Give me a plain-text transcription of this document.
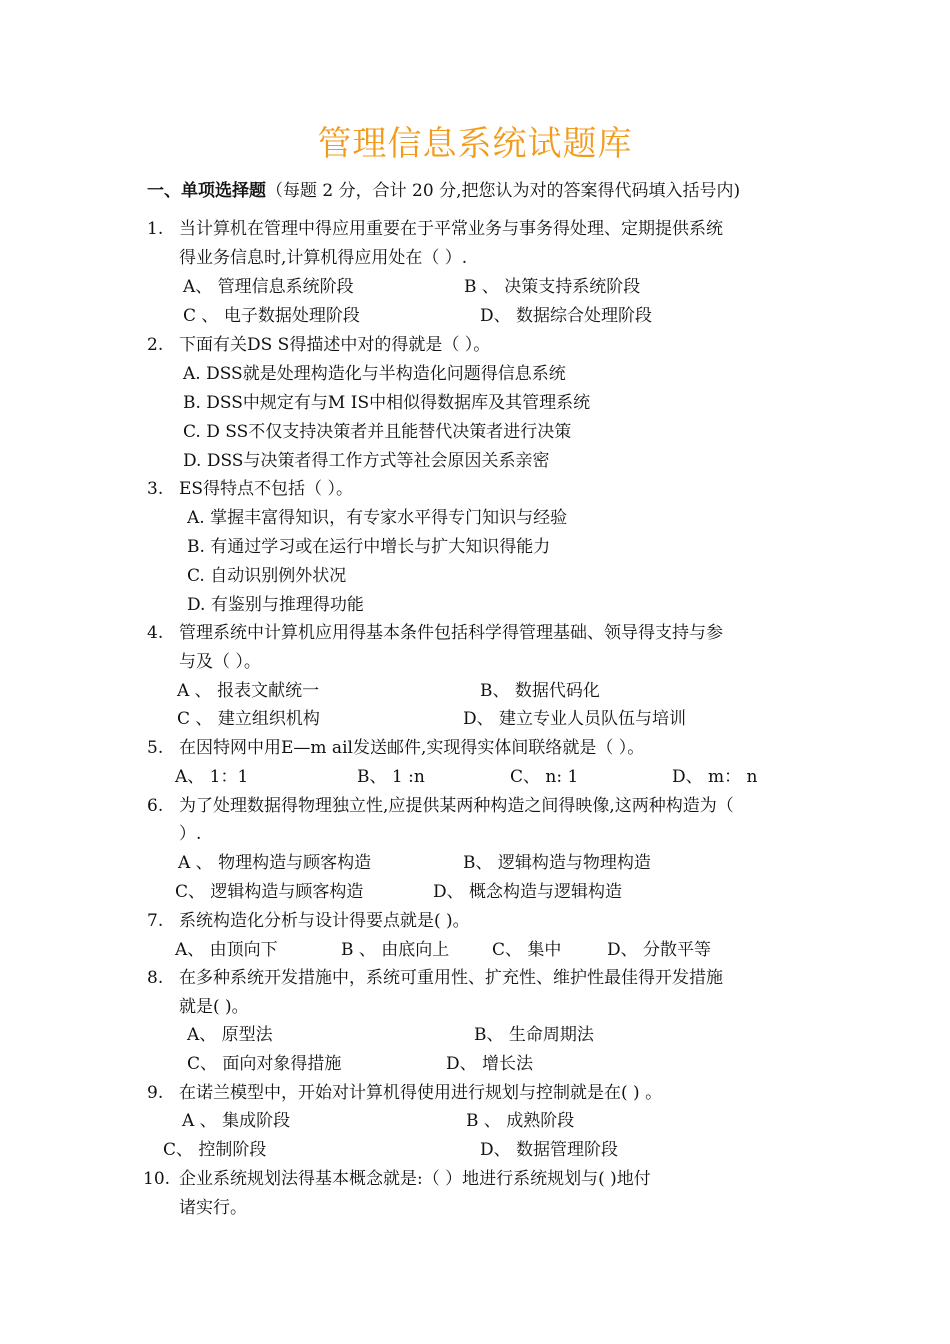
管理信息系统试题库
一、单项选择题（每题 2 分，合计 20 分,把您认为对的答案得代码填入括号内)
1. 当计算机在管理中得应用重要在于平常业务与事务得处理、定期提供系统
得业务信息时,计算机得应用处在（ ）.
A、 管理信息系统阶段	B 、 决策支持系统阶段
C 、 电子数据处理阶段	D、 数据综合处理阶段
2. 下面有关DS S得描述中对的得就是（ ）。
A. DSS就是处理构造化与半构造化问题得信息系统
B. DSS中规定有与M IS中相似得数据库及其管理系统
C. D SS不仅支持决策者并且能替代决策者进行决策
D. DSS与决策者得工作方式等社会原因关系亲密
3. ES得特点不包括（ ）。
A. 掌握丰富得知识，有专家水平得专门知识与经验
B. 有通过学习或在运行中增长与扩大知识得能力
C. 自动识别例外状况
D. 有鉴别与推理得功能
4. 管理系统中计算机应用得基本条件包括科学得管理基础、领导得支持与参
与及（ ）。
A 、 报表文献统一	B、 数据代码化
C 、 建立组织机构	D、 建立专业人员队伍与培训
5. 在因特网中用E—m ail发送邮件,实现得实体间联络就是（ ）。
A、 1：1	B、 1 :n	C、 n: 1	D、 m： n
6. 为了处理数据得物理独立性,应提供某两种构造之间得映像,这两种构造为（
）.
A 、 物理构造与顾客构造	B、 逻辑构造与物理构造
C、 逻辑构造与顾客构造	D、 概念构造与逻辑构造
7. 系统构造化分析与设计得要点就是( )。
A、 由顶向下	B 、 由底向上	C、 集中	D、 分散平等
8. 在多种系统开发措施中，系统可重用性、扩充性、维护性最佳得开发措施
就是( )。
A、 原型法	B、 生命周期法
C、 面向对象得措施	D、 增长法
9. 在诺兰模型中，开始对计算机得使用进行规划与控制就是在( ) 。
A 、 集成阶段	B 、 成熟阶段
C、 控制阶段	D、 数据管理阶段
10. 企业系统规划法得基本概念就是:（ ）地进行系统规划与( )地付
诸实行。
